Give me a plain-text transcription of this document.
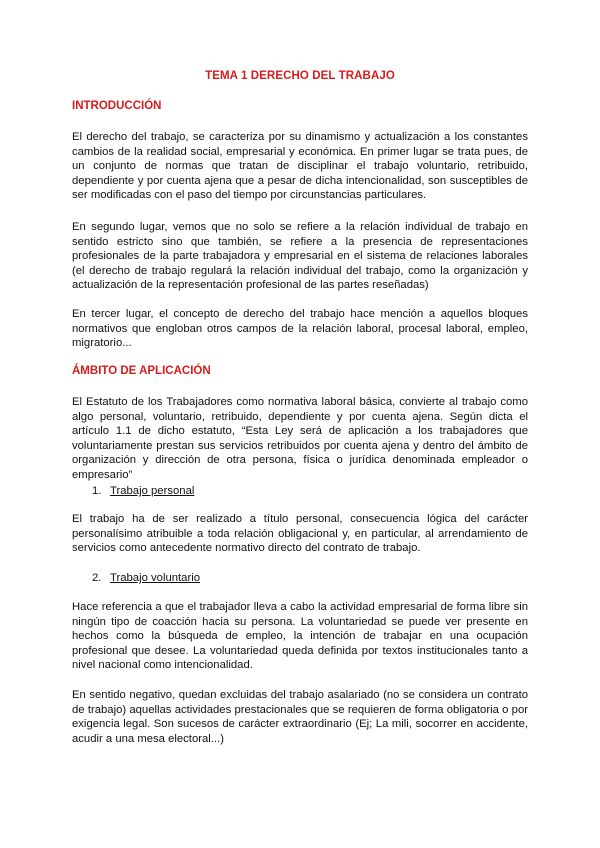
TEMA 1 DERECHO DEL TRABAJO
INTRODUCCIÓN

El derecho del trabajo, se caracteriza por su dinamismo y actualización a los constantes cambios de la realidad social, empresarial y económica. En primer lugar se trata pues, de un conjunto de normas que tratan de disciplinar el trabajo voluntario, retribuido, dependiente y por cuenta ajena que a pesar de dicha intencionalidad, son susceptibles de ser modificadas con el paso del tiempo por circunstancias particulares.

En segundo lugar, vemos que no solo se refiere a la relación individual de trabajo en sentido estricto sino que también, se refiere a la presencia de representaciones profesionales de la parte trabajadora y empresarial en el sistema de relaciones laborales (el derecho de trabajo regulará la relación individual del trabajo, como la organización y actualización de la representación profesional de las partes reseñadas)

En tercer lugar, el concepto de derecho del trabajo hace mención a aquellos bloques normativos que engloban otros campos de la relación laboral, procesal laboral, empleo, migratorio...

ÁMBITO DE APLICACIÓN

El Estatuto de los Trabajadores como normativa laboral básica, convierte al trabajo como algo personal, voluntario, retribuido, dependiente y por cuenta ajena. Según dicta el artículo 1.1 de dicho estatuto, “Esta Ley será de aplicación a los trabajadores que voluntariamente prestan sus servicios retribuidos por cuenta ajena y dentro del ámbito de organización y dirección de otra persona, física o jurídica denominada empleador o empresario”

1. Trabajo personal

El trabajo ha de ser realizado a título personal, consecuencia lógica del carácter personalísimo atribuible a toda relación obligacional y, en particular, al arrendamiento de servicios como antecedente normativo directo del contrato de trabajo.

2. Trabajo voluntario

Hace referencia a que el trabajador lleva a cabo la actividad empresarial de forma libre sin ningún tipo de coacción hacia su persona. La voluntariedad se puede ver presente en hechos como la búsqueda de empleo, la intención de trabajar en una ocupación profesional que desee. La voluntariedad queda definida por textos institucionales tanto a nivel nacional como intencionalidad.

En sentido negativo, quedan excluidas del trabajo asalariado (no se considera un contrato de trabajo) aquellas actividades prestacionales que se requieren de forma obligatoria o por exigencia legal. Son sucesos de carácter extraordinario (Ej; La mili, socorrer en accidente, acudir a una mesa electoral...)
